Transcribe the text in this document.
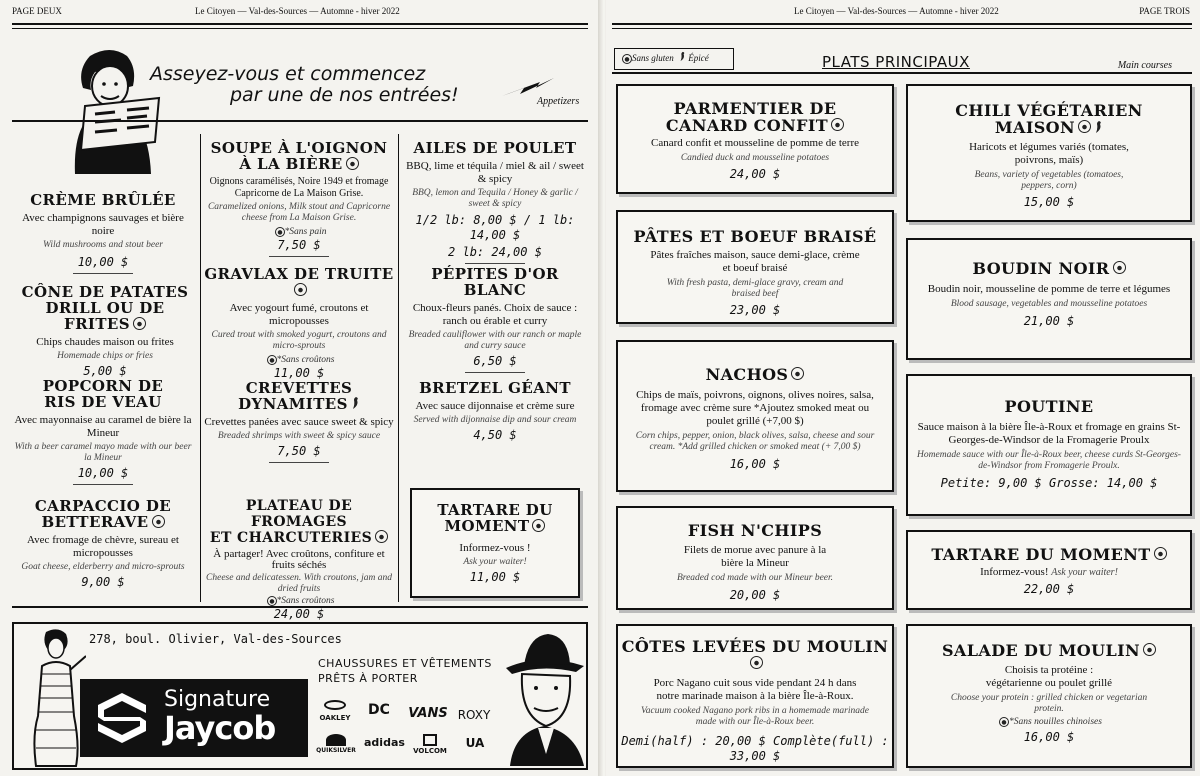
PAGE DEUX	Le Citoyen — Val-des-Sources — Automne - hiver 2022
Asseyez-vous et commencez
par une de nos entrées!	Appetizers
CRÈME BRÛLÉE
Avec champignons sauvages et bière noire
Wild mushrooms and stout beer
10,00 $
CÔNE DE PATATES
DRILL OU DE FRITES
Chips chaudes maison ou frites
Homemade chips or fries
5,00 $
POPCORN DE
RIS DE VEAU
Avec mayonnaise au caramel de bière la Mineur
With a beer caramel mayo made with our beer la Mineur
10,00 $
CARPACCIO DE
BETTERAVE
Avec fromage de chèvre, sureau et micropousses
Goat cheese, elderberry and micro-sprouts
9,00 $
SOUPE À L'OIGNON
À LA BIÈRE
Oignons caramélisés, Noire 1949 et fromage Capricorne de La Maison Grise.
Caramelized onions, Milk stout and Capricorne cheese from La Maison Grise.
*Sans pain
7,50 $
GRAVLAX DE TRUITE
Avec yogourt fumé, croutons et micropousses
Cured trout with smoked yogurt, croutons and micro-sprouts
*Sans croûtons
11,00 $
CREVETTES
DYNAMITES
Crevettes panées avec sauce sweet & spicy
Breaded shrimps with sweet & spicy sauce
7,50 $
PLATEAU DE FROMAGES
ET CHARCUTERIES
À partager! Avec croûtons, confiture et fruits séchés
Cheese and delicatessen. With croutons, jam and dried fruits
*Sans croûtons
24,00 $
AILES DE POULET
BBQ, lime et téquila / miel & ail / sweet & spicy
BBQ, lemon and Tequila / Honey & garlic / sweet & spicy
1/2 lb: 8,00 $ / 1 lb: 14,00 $
2 lb: 24,00 $
PÉPITES D'OR BLANC
Choux-fleurs panés. Choix de sauce : ranch ou érable et curry
Breaded cauliflower with our ranch or maple and curry sauce
6,50 $
BRETZEL GÉANT
Avec sauce dijonnaise et crème sure
Served with dijonnaise dip and sour cream
4,50 $
TARTARE DU
MOMENT
Informez-vous !
Ask your waiter!
11,00 $
278, boul. Olivier, Val-des-Sources
Signature
Jaycob
CHAUSSURES ET VÊTEMENTS
PRÊTS À PORTER
OAKLEY DC VANS ROXY
QUIKSILVER
adidas
VOLCOM
UA
Le Citoyen — Val-des-Sources — Automne - hiver 2022	PAGE TROIS
Sans gluten Épicé	PLATS PRINCIPAUX	Main courses
PARMENTIER DE
CANARD CONFIT
Canard confit et mousseline de pomme de terre
Candied duck and mousseline potatoes
24,00 $
PÂTES ET BOEUF BRAISÉ
Pâtes fraîches maison, sauce demi-glace, crème et boeuf braisé
With fresh pasta, demi-glace gravy, cream and braised beef
23,00 $
NACHOS
Chips de maïs, poivrons, oignons, olives noires, salsa, fromage avec crème sure *Ajoutez smoked meat ou poulet grillé (+7,00 $)
Corn chips, pepper, onion, black olives, salsa, cheese and sour cream. *Add grilled chicken or smoked meat (+ 7,00 $)
16,00 $
FISH N'CHIPS
Filets de morue avec panure à la bière la Mineur
Breaded cod made with our Mineur beer.
20,00 $
CÔTES LEVÉES DU MOULIN
Porc Nagano cuit sous vide pendant 24 h dans notre marinade maison à la bière Île-à-Roux.
Vacuum cooked Nagano pork ribs in a homemade marinade made with our Île-à-Roux beer.
Demi(half) : 20,00 $ Complète(full) : 33,00 $
CHILI VÉGÉTARIEN
MAISON
Haricots et légumes variés (tomates, poivrons, maïs)
Beans, variety of vegetables (tomatoes, peppers, corn)
15,00 $
BOUDIN NOIR
Boudin noir, mousseline de pomme de terre et légumes
Blood sausage, vegetables and mousseline potatoes
21,00 $
POUTINE
Sauce maison à la bière Île-à-Roux et fromage en grains St-Georges-de-Windsor de la Fromagerie Proulx
Homemade sauce with our Île-à-Roux beer, cheese curds St-Georges-de-Windsor from Fromagerie Proulx.
Petite: 9,00 $ Grosse: 14,00 $
TARTARE DU MOMENT
Informez-vous! Ask your waiter!
22,00 $
SALADE DU MOULIN
Choisis ta protéine : végétarienne ou poulet grillé
Choose your protein : grilled chicken or vegetarian protein.
*Sans nouilles chinoises
16,00 $
